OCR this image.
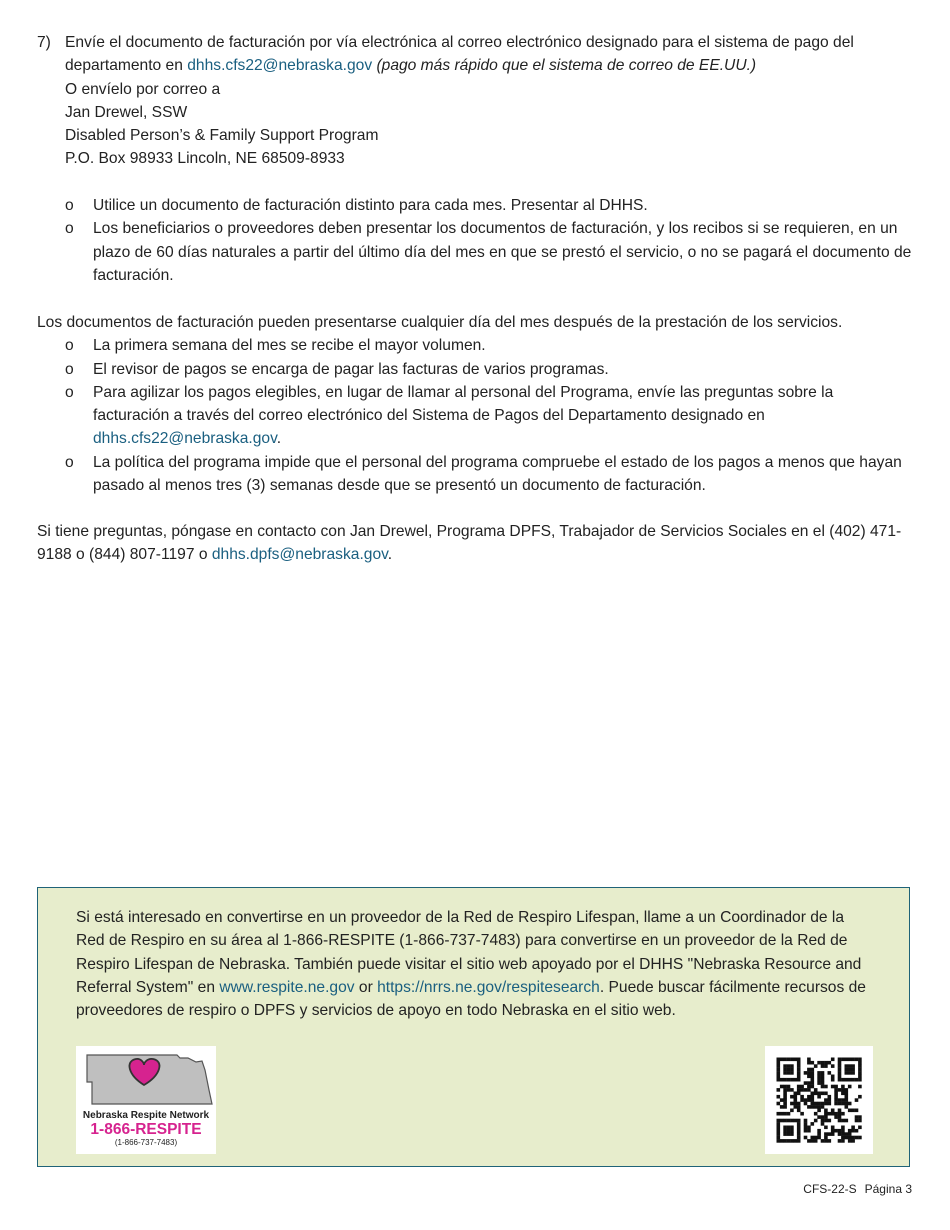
7) Envíe el documento de facturación por vía electrónica al correo electrónico designado para el sistema de pago del departamento en dhhs.cfs22@nebraska.gov (pago más rápido que el sistema de correo de EE.UU.)
O envíelo por correo a
Jan Drewel, SSW
Disabled Person’s & Family Support Program
P.O. Box 98933 Lincoln, NE 68509-8933
o Utilice un documento de facturación distinto para cada mes. Presentar al DHHS.
o Los beneficiarios o proveedores deben presentar los documentos de facturación, y los recibos si se requieren, en un plazo de 60 días naturales a partir del último día del mes en que se prestó el servicio, o no se pagará el documento de facturación.
Los documentos de facturación pueden presentarse cualquier día del mes después de la prestación de los servicios.
o La primera semana del mes se recibe el mayor volumen.
o El revisor de pagos se encarga de pagar las facturas de varios programas.
o Para agilizar los pagos elegibles, en lugar de llamar al personal del Programa, envíe las preguntas sobre la facturación a través del correo electrónico del Sistema de Pagos del Departamento designado en dhhs.cfs22@nebraska.gov.
o La política del programa impide que el personal del programa compruebe el estado de los pagos a menos que hayan pasado al menos tres (3) semanas desde que se presentó un documento de facturación.
Si tiene preguntas, póngase en contacto con Jan Drewel, Programa DPFS, Trabajador de Servicios Sociales en el (402) 471-9188 o (844) 807-1197 o dhhs.dpfs@nebraska.gov.
Si está interesado en convertirse en un proveedor de la Red de Respiro Lifespan, llame a un Coordinador de la Red de Respiro en su área al 1-866-RESPITE (1-866-737-7483) para convertirse en un proveedor de la Red de Respiro Lifespan de Nebraska. También puede visitar el sitio web apoyado por el DHHS "Nebraska Resource and Referral System" en www.respite.ne.gov or https://nrrs.ne.gov/respitesearch. Puede buscar fácilmente recursos de proveedores de respiro o DPFS y servicios de apoyo en todo Nebraska en el sitio web.
Nebraska Respite Network
1-866-RESPITE
(1-866-737-7483)
CFS-22-S Página 3
